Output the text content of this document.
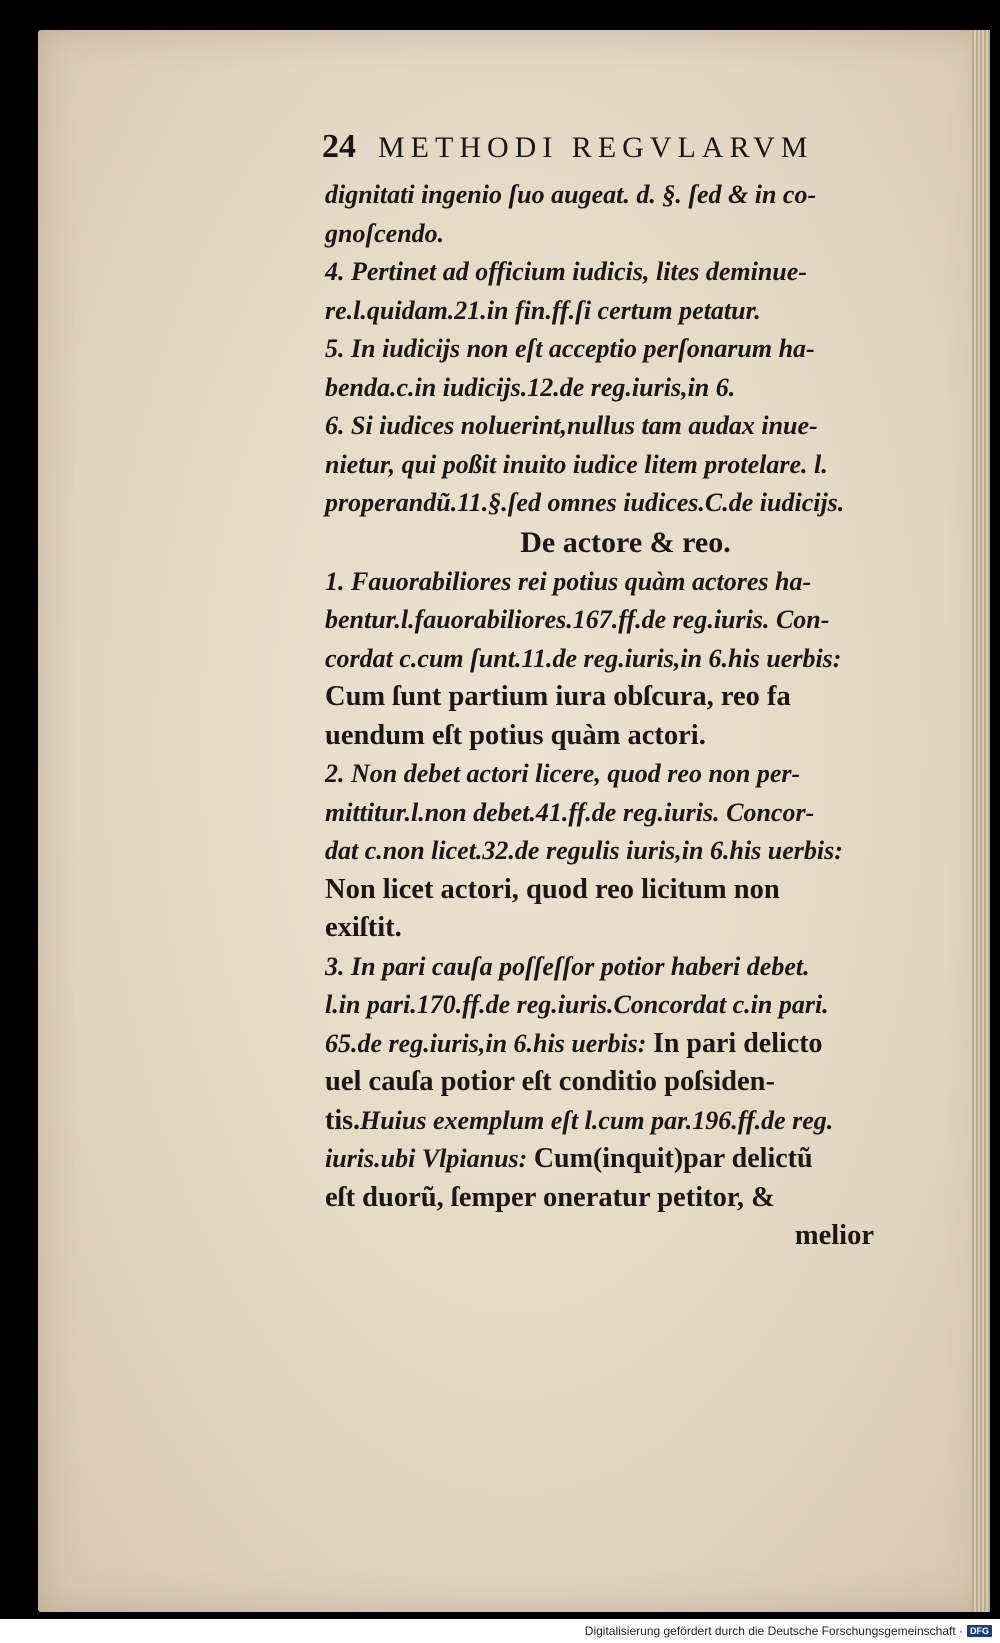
24 METHODI REGVLARVM
dignitati ingenio ſuo augeat. d. §. ſed & in co-
gnoſcendo.
4. Pertinet ad officium iudicis, lites deminue-
re.l.quidam.21.in fin.ff.ſi certum petatur.
5. In iudicijs non eſt acceptio perſonarum ha-
benda.c.in iudicijs.12.de reg.iuris,in 6.
6. Si iudices noluerint,nullus tam audax inue-
nietur, qui poßit inuito iudice litem protelare. l.
properandũ.11.§.ſed omnes iudices.C.de iudicijs.
De actore & reo.
1. Fauorabiliores rei potius quàm actores ha-
bentur.l.fauorabiliores.167.ff.de reg.iuris. Con-
cordat c.cum ſunt.11.de reg.iuris,in 6.his uerbis:
Cum ſunt partium iura obſcura, reo fa
uendum eſt potius quàm actori.
2. Non debet actori licere, quod reo non per-
mittitur.l.non debet.41.ff.de reg.iuris. Concor-
dat c.non licet.32.de regulis iuris,in 6.his uerbis:
Non licet actori, quod reo licitum non
exiſtit.
3. In pari cauſa poſſeſſor potior haberi debet.
l.in pari.170.ff.de reg.iuris.Concordat c.in pari.
65.de reg.iuris,in 6.his uerbis: In pari delicto
uel cauſa potior eſt conditio poſsiden-
tis.Huius exemplum eſt l.cum par.196.ff.de reg.
iuris.ubi Vlpianus: Cum(inquit)par delictũ
eſt duorũ, ſemper oneratur petitor, &
melior
Digitalisierung gefördert durch die Deutsche Forschungsgemeinschaft · DFG
